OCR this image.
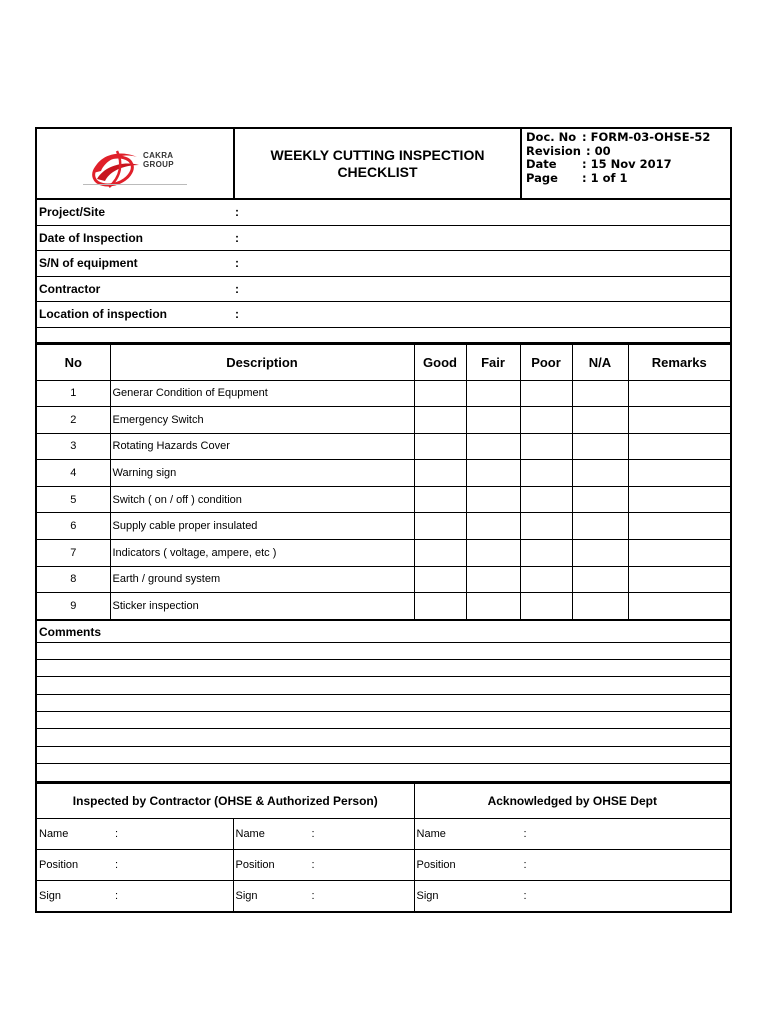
CAKRA
GROUP
WEEKLY CUTTING INSPECTION
CHECKLIST
Doc. No : FORM-03-OHSE-52
Revision : 00
Date	: 15 Nov 2017
Page	: 1 of 1
Project/Site	:
Date of Inspection	:
S/N of equipment	:
Contractor	:
Location of inspection	:
No	Description	Good	Fair	Poor	N/A	Remarks
1	Generar Condition of Equpment					
2	Emergency Switch					
3	Rotating Hazards Cover					
4	Warning sign					
5	Switch ( on / off ) condition					
6	Supply cable proper insulated					
7	Indicators ( voltage, ampere, etc )					
8	Earth / ground system					
9	Sticker inspection					
Comments
Inspected by Contractor (OHSE & Authorized Person)		Acknowledged by OHSE Dept

Name :	Name :	Name :

Position :	Position :	Position :

Sign :	Sign :	Sign :
